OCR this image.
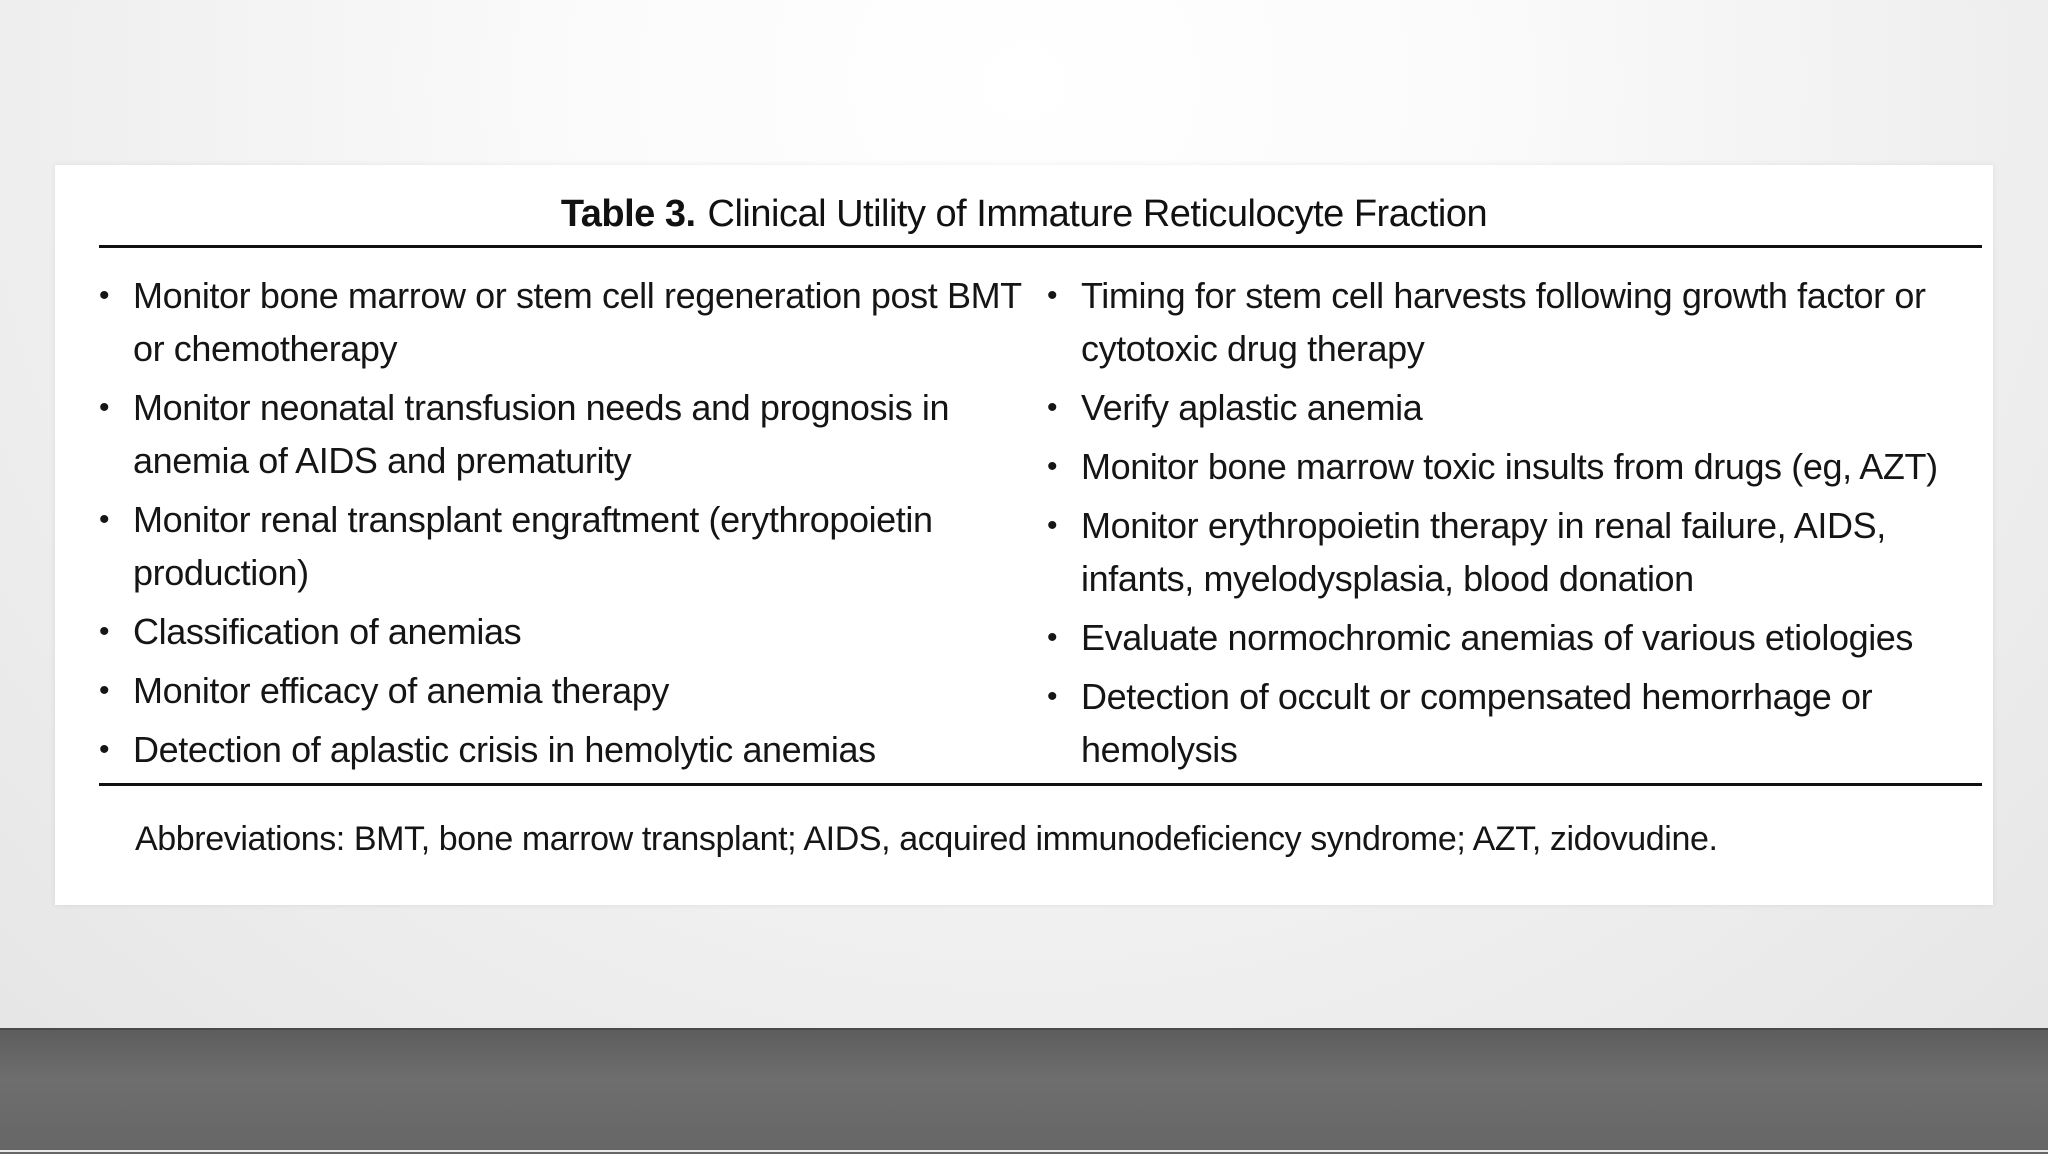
Table 3. Clinical Utility of Immature Reticulocyte Fraction
• Monitor bone marrow or stem cell regeneration post BMT or chemotherapy
• Monitor neonatal transfusion needs and prognosis in anemia of AIDS and prematurity
• Monitor renal transplant engraftment (erythropoietin production)
• Classification of anemias
• Monitor efficacy of anemia therapy
• Detection of aplastic crisis in hemolytic anemias
• Timing for stem cell harvests following growth factor or cytotoxic drug therapy
• Verify aplastic anemia
• Monitor bone marrow toxic insults from drugs (eg, AZT)
• Monitor erythropoietin therapy in renal failure, AIDS, infants, myelodysplasia, blood donation
• Evaluate normochromic anemias of various etiologies
• Detection of occult or compensated hemorrhage or hemolysis
Abbreviations: BMT, bone marrow transplant; AIDS, acquired immunodeficiency syndrome; AZT, zidovudine.
